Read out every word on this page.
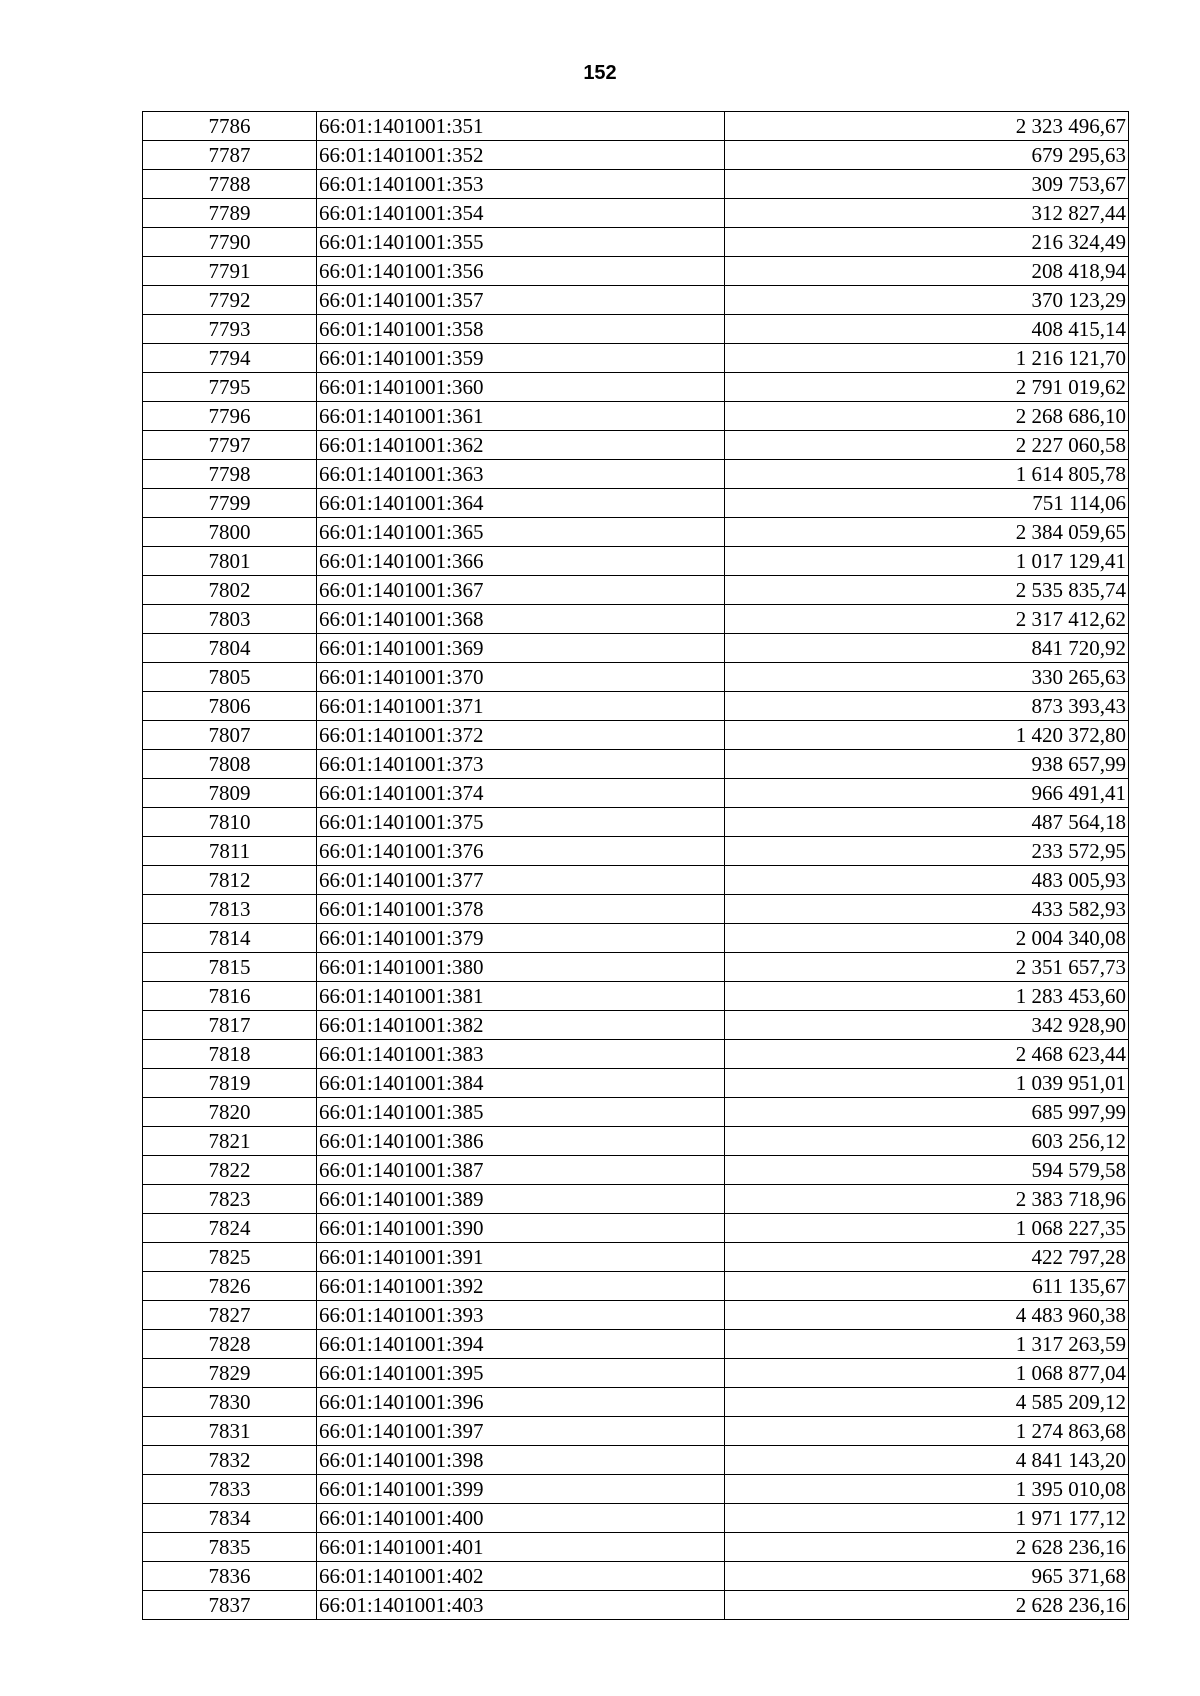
152
7786	66:01:1401001:351	2 323 496,67
7787	66:01:1401001:352	679 295,63
7788	66:01:1401001:353	309 753,67
7789	66:01:1401001:354	312 827,44
7790	66:01:1401001:355	216 324,49
7791	66:01:1401001:356	208 418,94
7792	66:01:1401001:357	370 123,29
7793	66:01:1401001:358	408 415,14
7794	66:01:1401001:359	1 216 121,70
7795	66:01:1401001:360	2 791 019,62
7796	66:01:1401001:361	2 268 686,10
7797	66:01:1401001:362	2 227 060,58
7798	66:01:1401001:363	1 614 805,78
7799	66:01:1401001:364	751 114,06
7800	66:01:1401001:365	2 384 059,65
7801	66:01:1401001:366	1 017 129,41
7802	66:01:1401001:367	2 535 835,74
7803	66:01:1401001:368	2 317 412,62
7804	66:01:1401001:369	841 720,92
7805	66:01:1401001:370	330 265,63
7806	66:01:1401001:371	873 393,43
7807	66:01:1401001:372	1 420 372,80
7808	66:01:1401001:373	938 657,99
7809	66:01:1401001:374	966 491,41
7810	66:01:1401001:375	487 564,18
7811	66:01:1401001:376	233 572,95
7812	66:01:1401001:377	483 005,93
7813	66:01:1401001:378	433 582,93
7814	66:01:1401001:379	2 004 340,08
7815	66:01:1401001:380	2 351 657,73
7816	66:01:1401001:381	1 283 453,60
7817	66:01:1401001:382	342 928,90
7818	66:01:1401001:383	2 468 623,44
7819	66:01:1401001:384	1 039 951,01
7820	66:01:1401001:385	685 997,99
7821	66:01:1401001:386	603 256,12
7822	66:01:1401001:387	594 579,58
7823	66:01:1401001:389	2 383 718,96
7824	66:01:1401001:390	1 068 227,35
7825	66:01:1401001:391	422 797,28
7826	66:01:1401001:392	611 135,67
7827	66:01:1401001:393	4 483 960,38
7828	66:01:1401001:394	1 317 263,59
7829	66:01:1401001:395	1 068 877,04
7830	66:01:1401001:396	4 585 209,12
7831	66:01:1401001:397	1 274 863,68
7832	66:01:1401001:398	4 841 143,20
7833	66:01:1401001:399	1 395 010,08
7834	66:01:1401001:400	1 971 177,12
7835	66:01:1401001:401	2 628 236,16
7836	66:01:1401001:402	965 371,68
7837	66:01:1401001:403	2 628 236,16
